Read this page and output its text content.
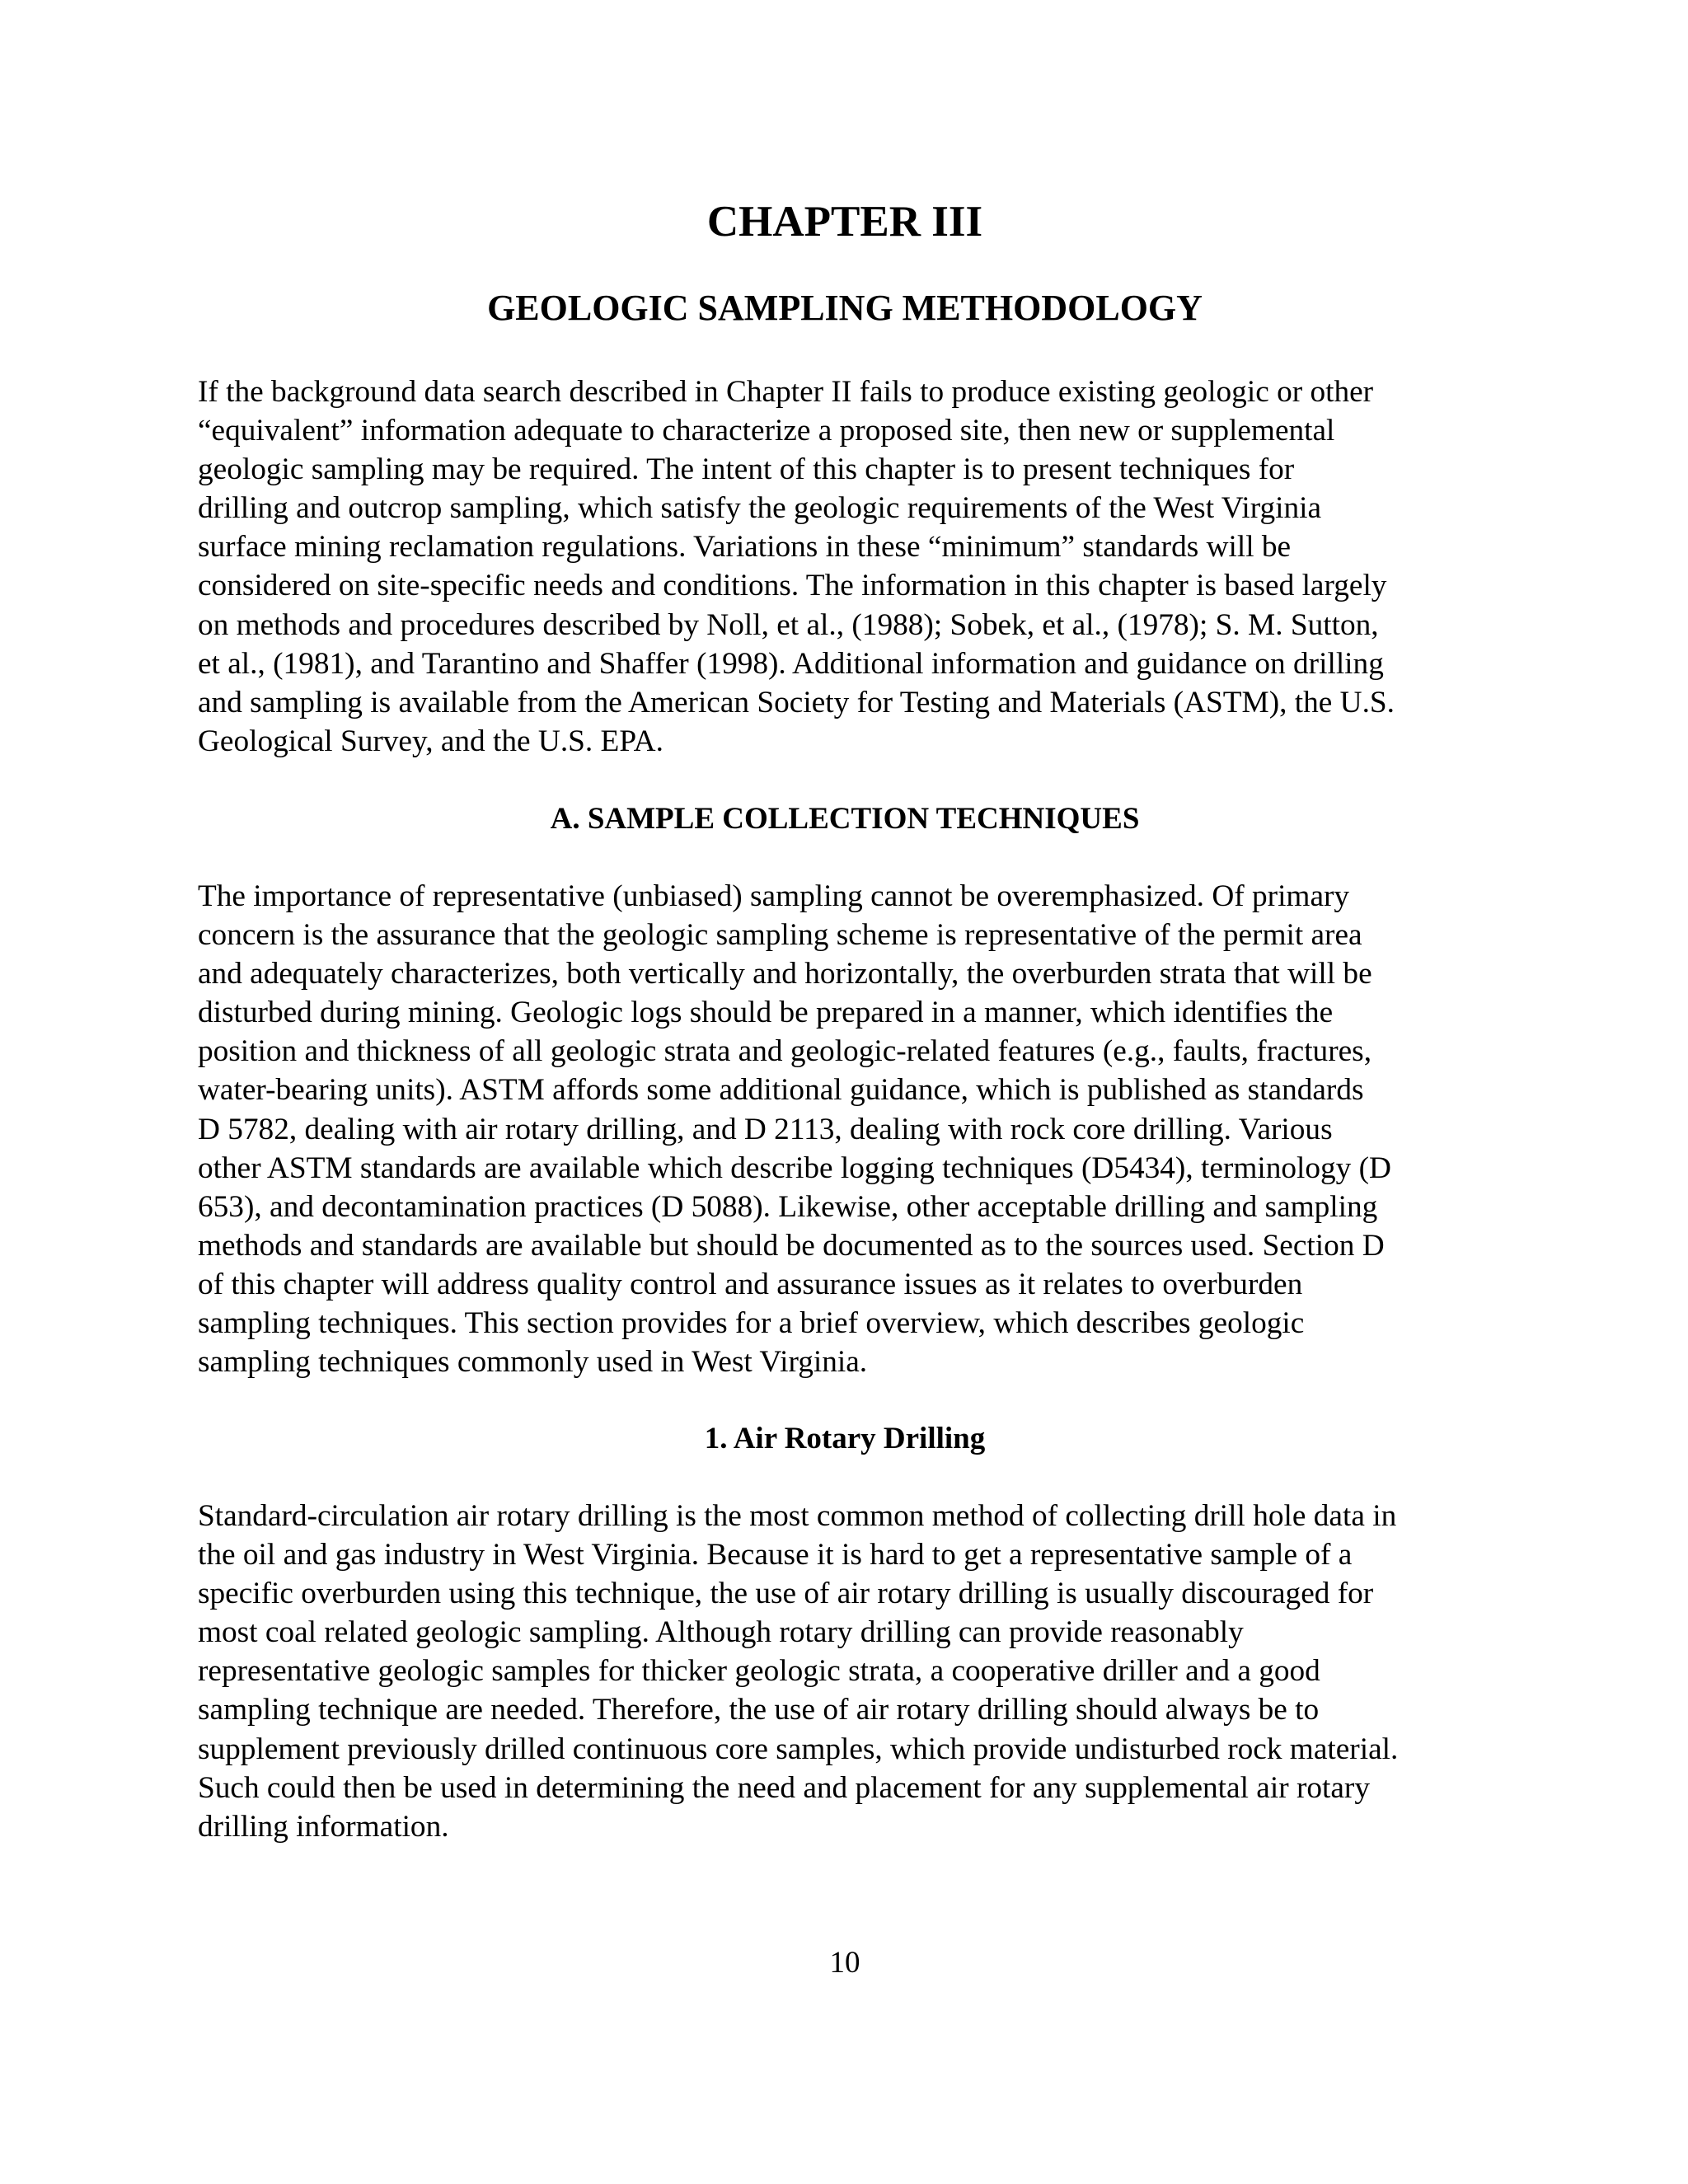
CHAPTER III
GEOLOGIC SAMPLING METHODOLOGY

If the background data search described in Chapter II fails to produce existing geologic or other
“equivalent” information adequate to characterize a proposed site, then new or supplemental
geologic sampling may be required. The intent of this chapter is to present techniques for
drilling and outcrop sampling, which satisfy the geologic requirements of the West Virginia
surface mining reclamation regulations. Variations in these “minimum” standards will be
considered on site-specific needs and conditions. The information in this chapter is based largely
on methods and procedures described by Noll, et al., (1988); Sobek, et al., (1978); S. M. Sutton,
et al., (1981), and Tarantino and Shaffer (1998). Additional information and guidance on drilling
and sampling is available from the American Society for Testing and Materials (ASTM), the U.S.
Geological Survey, and the U.S. EPA.

A. SAMPLE COLLECTION TECHNIQUES

The importance of representative (unbiased) sampling cannot be overemphasized. Of primary
concern is the assurance that the geologic sampling scheme is representative of the permit area
and adequately characterizes, both vertically and horizontally, the overburden strata that will be
disturbed during mining. Geologic logs should be prepared in a manner, which identifies the
position and thickness of all geologic strata and geologic-related features (e.g., faults, fractures,
water-bearing units). ASTM affords some additional guidance, which is published as standards
D 5782, dealing with air rotary drilling, and D 2113, dealing with rock core drilling. Various
other ASTM standards are available which describe logging techniques (D5434), terminology (D
653), and decontamination practices (D 5088). Likewise, other acceptable drilling and sampling
methods and standards are available but should be documented as to the sources used. Section D
of this chapter will address quality control and assurance issues as it relates to overburden
sampling techniques. This section provides for a brief overview, which describes geologic
sampling techniques commonly used in West Virginia.

1. Air Rotary Drilling

Standard-circulation air rotary drilling is the most common method of collecting drill hole data in
the oil and gas industry in West Virginia. Because it is hard to get a representative sample of a
specific overburden using this technique, the use of air rotary drilling is usually discouraged for
most coal related geologic sampling. Although rotary drilling can provide reasonably
representative geologic samples for thicker geologic strata, a cooperative driller and a good
sampling technique are needed. Therefore, the use of air rotary drilling should always be to
supplement previously drilled continuous core samples, which provide undisturbed rock material.
Such could then be used in determining the need and placement for any supplemental air rotary
drilling information.

10
